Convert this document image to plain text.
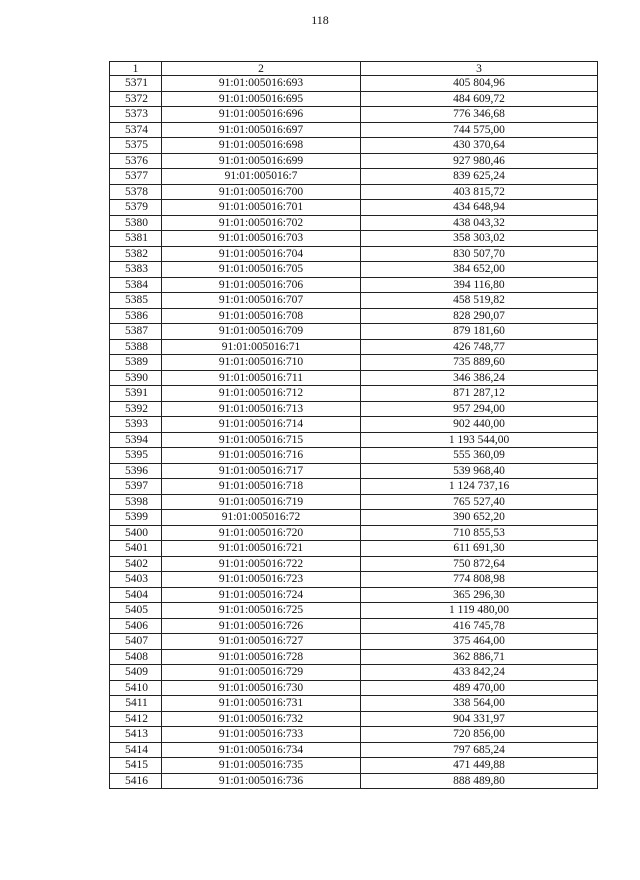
118
1	2	3
5371	91:01:005016:693	405 804,96
5372	91:01:005016:695	484 609,72
5373	91:01:005016:696	776 346,68
5374	91:01:005016:697	744 575,00
5375	91:01:005016:698	430 370,64
5376	91:01:005016:699	927 980,46
5377	91:01:005016:7	839 625,24
5378	91:01:005016:700	403 815,72
5379	91:01:005016:701	434 648,94
5380	91:01:005016:702	438 043,32
5381	91:01:005016:703	358 303,02
5382	91:01:005016:704	830 507,70
5383	91:01:005016:705	384 652,00
5384	91:01:005016:706	394 116,80
5385	91:01:005016:707	458 519,82
5386	91:01:005016:708	828 290,07
5387	91:01:005016:709	879 181,60
5388	91:01:005016:71	426 748,77
5389	91:01:005016:710	735 889,60
5390	91:01:005016:711	346 386,24
5391	91:01:005016:712	871 287,12
5392	91:01:005016:713	957 294,00
5393	91:01:005016:714	902 440,00
5394	91:01:005016:715	1 193 544,00
5395	91:01:005016:716	555 360,09
5396	91:01:005016:717	539 968,40
5397	91:01:005016:718	1 124 737,16
5398	91:01:005016:719	765 527,40
5399	91:01:005016:72	390 652,20
5400	91:01:005016:720	710 855,53
5401	91:01:005016:721	611 691,30
5402	91:01:005016:722	750 872,64
5403	91:01:005016:723	774 808,98
5404	91:01:005016:724	365 296,30
5405	91:01:005016:725	1 119 480,00
5406	91:01:005016:726	416 745,78
5407	91:01:005016:727	375 464,00
5408	91:01:005016:728	362 886,71
5409	91:01:005016:729	433 842,24
5410	91:01:005016:730	489 470,00
5411	91:01:005016:731	338 564,00
5412	91:01:005016:732	904 331,97
5413	91:01:005016:733	720 856,00
5414	91:01:005016:734	797 685,24
5415	91:01:005016:735	471 449,88
5416	91:01:005016:736	888 489,80
